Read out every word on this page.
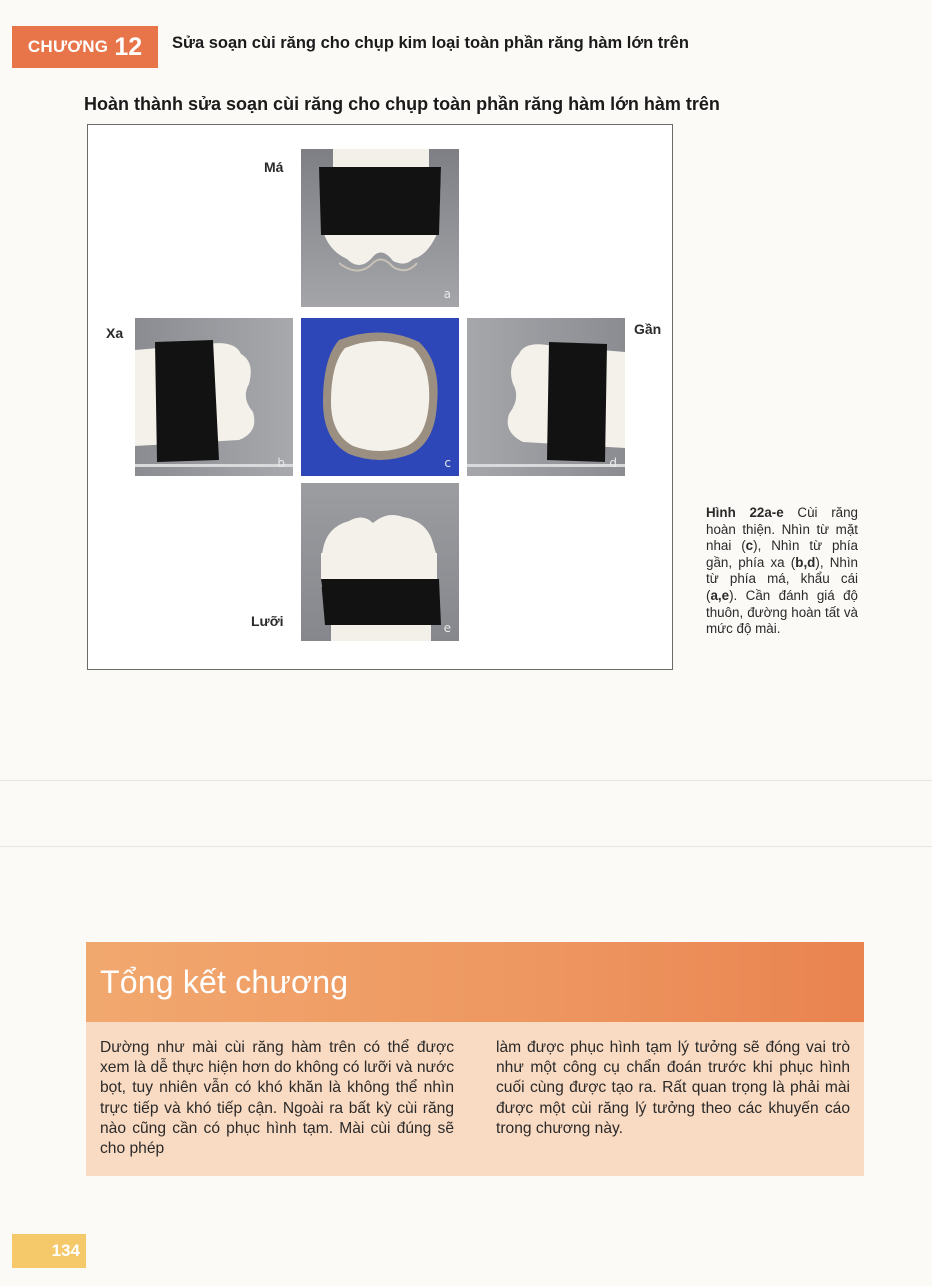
CHƯƠNG 12 Sửa soạn cùi răng cho chụp kim loại toàn phần răng hàm lớn trên
Hoàn thành sửa soạn cùi răng cho chụp toàn phần răng hàm lớn hàm trên
Má
Xa	Gần
Lưỡi
a
b	c	d
e
Hình 22a-e Cùi răng hoàn thiện. Nhìn từ mặt nhai (c), Nhìn từ phía gần, phía xa (b,d), Nhìn từ phía má, khẩu cái (a,e). Cần đánh giá độ thuôn, đường hoàn tất và mức độ mài.
Tổng kết chương

Dường như mài cùi răng hàm trên có thể được xem là dễ thực hiện hơn do không có lưỡi và nước bọt, tuy nhiên vẫn có khó khăn là không thể nhìn trực tiếp và khó tiếp cận. Ngoài ra bất kỳ cùi răng nào cũng cần có phục hình tạm. Mài cùi đúng sẽ cho phép

làm được phục hình tạm lý tưởng sẽ đóng vai trò như một công cụ chẩn đoán trước khi phục hình cuối cùng được tạo ra. Rất quan trọng là phải mài được một cùi răng lý tưởng theo các khuyến cáo trong chương này.

134
